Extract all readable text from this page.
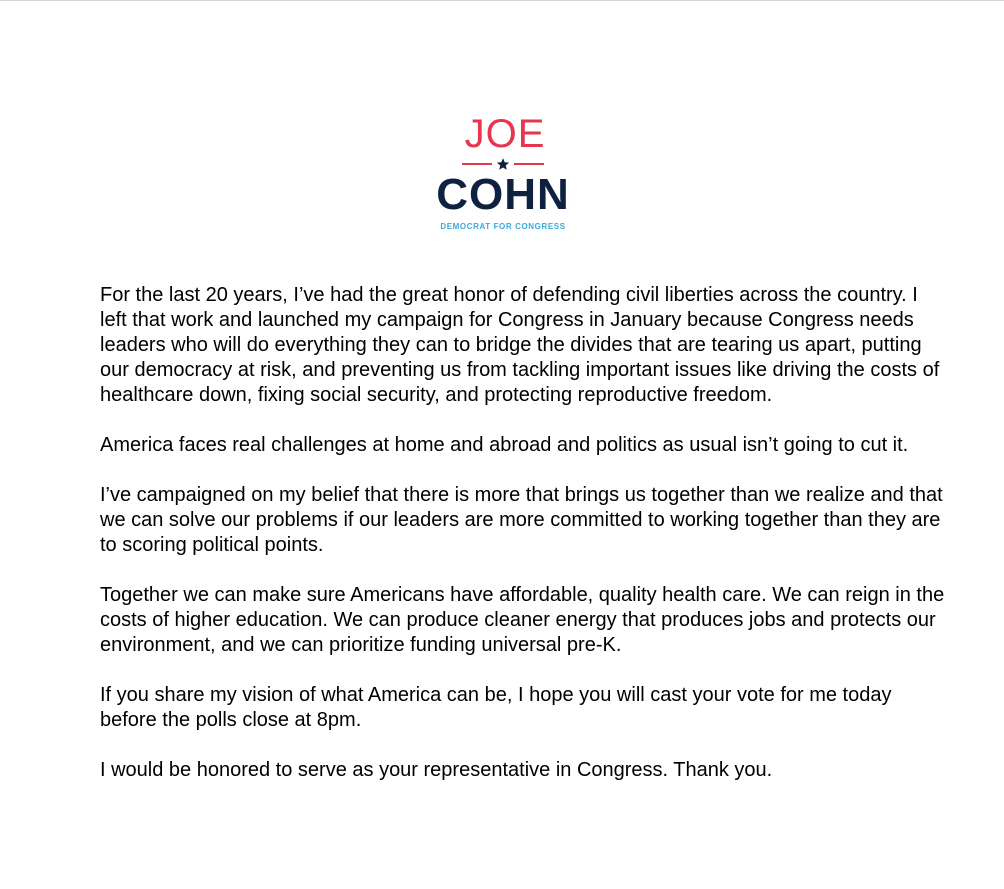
JOE
COHN
DEMOCRAT FOR CONGRESS

For the last 20 years, I’ve had the great honor of defending civil liberties across the country. I left that work and launched my campaign for Congress in January because Congress needs leaders who will do everything they can to bridge the divides that are tearing us apart, putting our democracy at risk, and preventing us from tackling important issues like driving the costs of healthcare down, fixing social security, and protecting reproductive freedom.

America faces real challenges at home and abroad and politics as usual isn’t going to cut it.

I’ve campaigned on my belief that there is more that brings us together than we realize and that we can solve our problems if our leaders are more committed to working together than they are to scoring political points.

Together we can make sure Americans have affordable, quality health care. We can reign in the costs of higher education. We can produce cleaner energy that produces jobs and protects our environment, and we can prioritize funding universal pre-K.

If you share my vision of what America can be, I hope you will cast your vote for me today before the polls close at 8pm.

I would be honored to serve as your representative in Congress. Thank you.
